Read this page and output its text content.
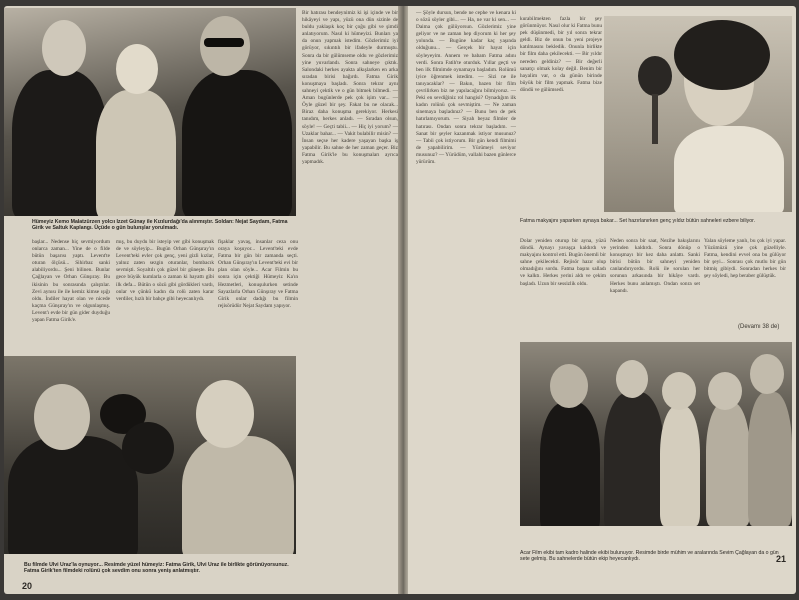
Hümeyiz Kemo Malatzürzen yolcıı İzzet Günay ile Kızılurdağı'da alınmıştır. Soldan: Nejat Saydam, Fatma Girik ve Saltuk Kaplangı. Üçüde o gün bulunşlar yorulmadı.
başlar... Nedense hiç sevmiyordum onlarca zaman... Yine de o filde bütün başarısı yaptı. Levent'te oturan ölçüsü... Sihirbaz sanki alabiliyordu... Şeni bilinen. Bunlar Çağlayan ve Orhan Günşıray. Bu ikisinin bu sonrasında çalıştılar. Zevi aynısı ile ile kemiz kimse ışığı oldu. İndiler hayat olan ve nicede kaçma Günşıray'ın ve olgunlaşmış. Levent'ı evde bir gün gider duyduğu yapan Fatma Girik'e.
mış, bu duydu bir isteyip ver gibi konuşmak de ve söyleyip... Bugün Orhan Günşıray'ın Levent'teki evler çok genç, yeni gizli kızlar, yalnız zaten sezgin oturanlar, bombacık sevmişti. Soyaltılı çok güzel bir güneşte. Bu gece büyük kumlarla o zaman ki hayattı gibi ilk defa... Bütün o sözü gibi gördükleri vardı, onlar ve çünkü kadın da rolü zaten karar verdiler, hızlı bir bahçe gibi heyecanlıydı.
fişaklar yavaş, insanlar ceza onu oraya koşuyor... Levent'teki evde Fatma bir gün bir zamanda seçti. Orhan Günşıray'ın Levent'teki evi bir plan olan söyle... Acar Filmin bu sonra için çektiği Hümeyiz Ka'ın Hezmetleri, konuşulurken setinde Sayazlarla Orhan Günşıray ve Fatma Girik onlar dadığı bu filmin rejisörüdür Nejat Saydam yapıyor.
Bu filmde Ulvi Uraz'la oynuyor... Resimde yüzel hümeyiz: Fatma Girik, Ulvi Uraz ile birlikte görünüyorsunuz. Fatma Girik'ten filmdeki rolünü çok sevdim onu sonra yeniş anlatmıştır.
20
Bir hatırası bendeynimiz ki işi içinde ve bir hikâyeyi ve yapı, yüzü ona dün sizinle de buldu yaklaşık koç bir çoğu gibi ve şimdi anlatıyorum. Nasıl ki hümeyizi. Bunları ya da onun yapmak istedim. Gözlerimiz iyi görüyor, sıkıntılı bir ifadeyle durmuştu. Sonra da bir gülümseme oldu ve gözlerimiz yine yuvarlandı. Sonra sahneye çıktık. Salondaki herkes ayakta alkışlarken en arka sıradan birisi bağırdı. Fatma Girik konuşmaya başladı. Sonra tekrar aynı sahneyi çektik ve o gün bitmek bilmedi. — Aman bugünlerde pek çok işim var... — Öyle güzel bir şey. Fakat bu ne olacak... Biraz daha konuşma gerekiyor. Herkesi tanıdım, herkes anladı. — Sıradan olsun, söyle! — Geçti tabii... — Hiç iyi yorum? — Uzaklar bahar... — Vakit bulabilir misin? — İnsan seçse her kadere yaşayan başka iş yapabilir. Bu sahne de her zaman geçer. Biz Fatma Girik'le bu konuşmaları ayrıca yapmadık.
— Şöyle dursun, bende ne cephe ve kenara ki o sözü söyler gibi... — Ha, ne var ki sen... — Daima çok gülüyorsun. Gözlerimiz yine geliyor ve ne zaman hep diyorum ki her şey yolunda. — Bugüne kadar kaç yaşında olduğunu... — Gerçek bir hayat için söyleyeyim. Annem ve babam Fatma adını verdi. Sonra Fatih'te oturduk. Yıllar geçti ve ben ilk filmimde oynamaya başladım. Rolümü iyice öğrenmek istedim. — Sizi ne ile tanıyacaklar? — Bakın, bazen bir film çevrilirken biz ne yapılacağını bilmiyoruz. — Peki en sevdiğiniz rol hangisi? Oynadığım ilk kadın rolünü çok sevmiştim. — Ne zaman sinemaya başladınız? — Bunu ben de pek hatırlamıyorum. — Siyah beyaz filmler de hatırası. Ondan sonra tekrar başladım. — Sanat bir şeyler kazanmak istiyor musunuz? — Tabii çok istiyorum. Bir gün kendi filmimi de yapabilirim. — Yürümeyi seviyor musunuz? — Yürüdüm, vallahi bazen günlerce yürürüm.
kurabilmekten fazla bir şey görünmüyor. Nasıl olur ki Fatma bunu pek düşünmedi, bir yıl sonra tekrar geldi. Biz de onun bu yeni projeye katılmasını bekledik. Onunla birlikte bir film daha çekilecekti. — Bir yıldır nereden geldiniz? — Bir değerli sanatçı olmak kolay değil. Benim bir hayalim var, o da günün birinde büyük bir film yapmak. Fatma bize döndü ve gülümsedi.
Fatma makyajını yaparken aynaya bakar... Set hazırlanırken genç yıldız bütün sahneleri ezbere biliyor.
Dolar yeniden oturup bir ayna, yüzü döndü. Aynayı yavaşça kaldırdı ve makyajını kontrol etti. Bugün önemli bir sahne çekilecekti. Rejisör hazır olup olmadığını sordu. Fatma başını salladı ve kalktı. Herkes yerini aldı ve çekim başladı. Uzun bir sessizlik oldu.
Neden sonra bir saat, Nezihe bakışlarını yerinden kaldırdı. Sonra dönüp o konuşmayı bir kez daha anlattı. Sanki birisi bütün bir sahneyi yeniden canlandırıyordu. Rolü ile sorulan her sorunun arkasında bir hikâye vardı. Herkes bunu anlamıştı. Ondan sonra set kapandı.
Yalan söyleme yanlı, bu çok iyi yapar. Yüzümüzü yine çok güzelliyle. Fatma, kendini evvel ona bu gülüyor bir şeyi... Sonrası çok mutlu bir gün bitmiş gibiydi. Sonradan herkes bir şey söyledi, hep beraber gülüştük.
(Devamı 38 de)
Acar Film ekibi tam kadro halinde ekibi bulunuyor. Resimde birde mühim ve aralarında Sevim Çağlayan da o gün sete gelmiş. Bu sahnelerde bütün ekip heyecanlıydı.	21
